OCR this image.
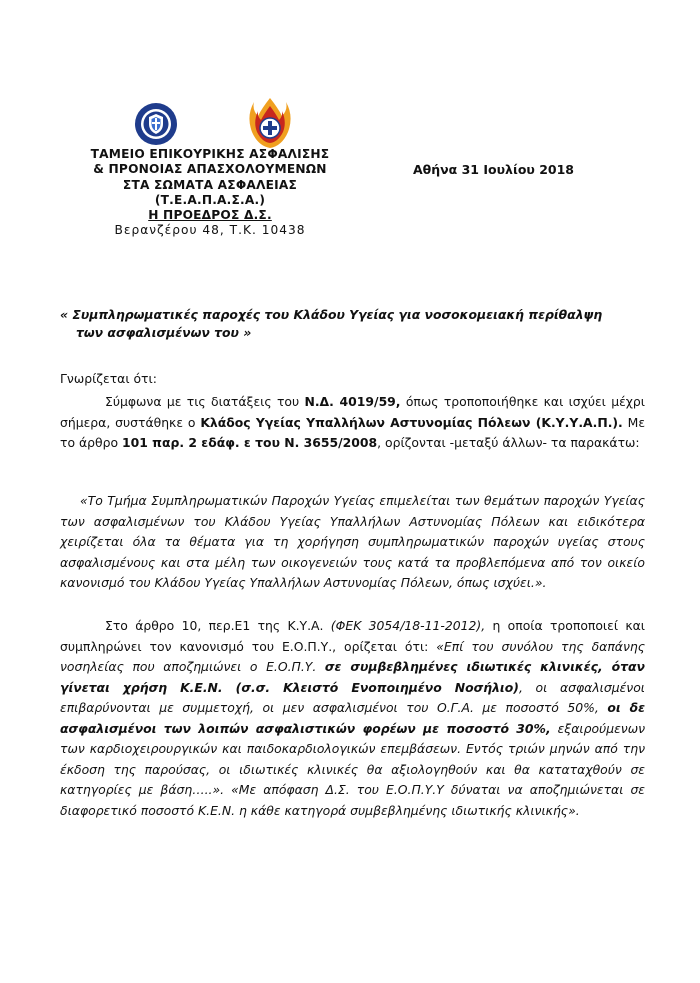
ΤΑΜΕΙΟ ΕΠΙΚΟΥΡΙΚΗΣ ΑΣΦΑΛΙΣΗΣ
& ΠΡΟΝΟΙΑΣ ΑΠΑΣΧΟΛΟΥΜΕΝΩΝ
ΣΤΑ ΣΩΜΑΤΑ ΑΣΦΑΛΕΙΑΣ
(Τ.Ε.Α.Π.Α.Σ.Α.)
Η ΠΡΟΕΔΡΟΣ Δ.Σ.
Βερανζέρου 48, Τ.Κ. 10438
Αθήνα 31 Ιουλίου 2018
« Συμπληρωματικές παροχές του Κλάδου Υγείας για νοσοκομειακή περίθαλψη
των ασφαλισμένων του »
Γνωρίζεται ότι:
Σύμφωνα με τις διατάξεις του Ν.Δ. 4019/59, όπως τροποποιήθηκε και ισχύει μέχρι σήμερα, συστάθηκε ο Κλάδος Υγείας Υπαλλήλων Αστυνομίας Πόλεων (Κ.Υ.Υ.Α.Π.). Με το άρθρο 101 παρ. 2 εδάφ. ε του Ν. 3655/2008, ορίζονται -μεταξύ άλλων- τα παρακάτω:
«Το Τμήμα Συμπληρωματικών Παροχών Υγείας επιμελείται των θεμάτων παροχών Υγείας των ασφαλισμένων του Κλάδου Υγείας Υπαλλήλων Αστυνομίας Πόλεων και ειδικότερα χειρίζεται όλα τα θέματα για τη χορήγηση συμπληρωματικών παροχών υγείας στους ασφαλισμένους και στα μέλη των οικογενειών τους κατά τα προβλεπόμενα από τον οικείο κανονισμό του Κλάδου Υγείας Υπαλλήλων Αστυνομίας Πόλεων, όπως ισχύει.».
Στο άρθρο 10, περ.Ε1 της Κ.Υ.Α. (ΦΕΚ 3054/18-11-2012), η οποία τροποποιεί και συμπληρώνει τον κανονισμό του Ε.Ο.Π.Υ., ορίζεται ότι: «Επί του συνόλου της δαπάνης νοσηλείας που αποζημιώνει ο Ε.Ο.Π.Υ. σε συμβεβλημένες ιδιωτικές κλινικές, όταν γίνεται χρήση Κ.Ε.Ν. (σ.σ. Κλειστό Ενοποιημένο Νοσήλιο), οι ασφαλισμένοι επιβαρύνονται με συμμετοχή, οι μεν ασφαλισμένοι του Ο.Γ.Α. με ποσοστό 50%, οι δε ασφαλισμένοι των λοιπών ασφαλιστικών φορέων με ποσοστό 30%, εξαιρούμενων των καρδιοχειρουργικών και παιδοκαρδιολογικών επεμβάσεων. Εντός τριών μηνών από την έκδοση της παρούσας, οι ιδιωτικές κλινικές θα αξιολογηθούν και θα καταταχθούν σε κατηγορίες με βάση…..». «Με απόφαση Δ.Σ. του Ε.Ο.Π.Υ.Υ δύναται να αποζημιώνεται σε διαφορετικό ποσοστό Κ.Ε.Ν. η κάθε κατηγορά συμβεβλημένης ιδιωτικής κλινικής».
